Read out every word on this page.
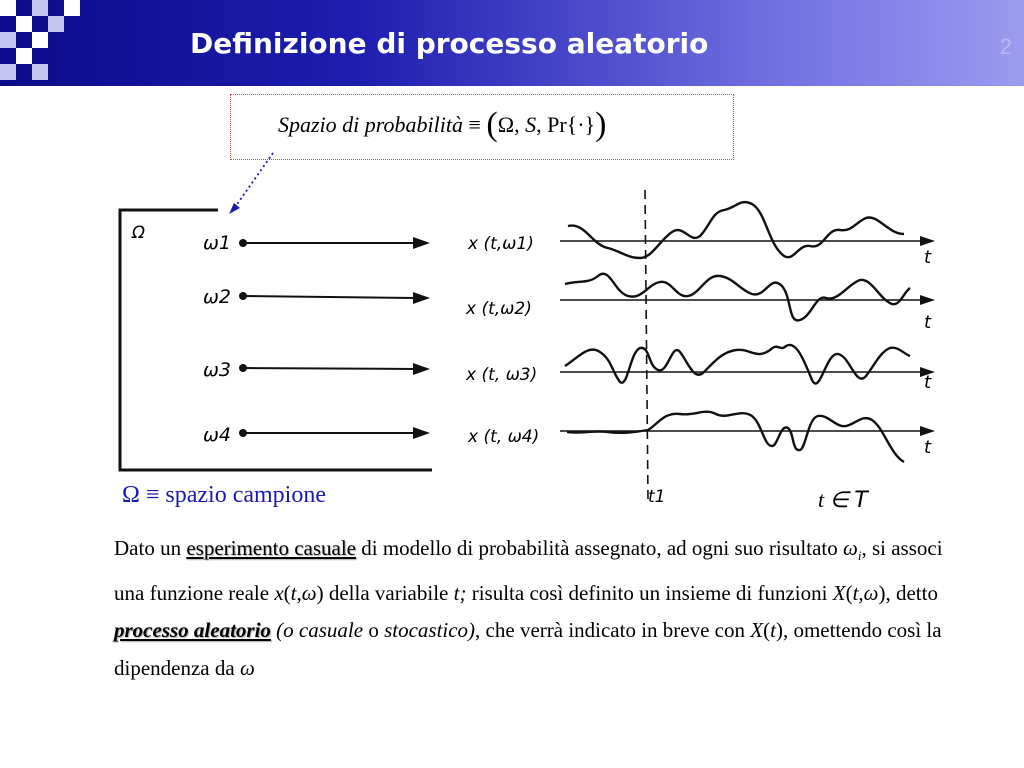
Definizione di processo aleatorio	2
Spazio di probabilità ≡ (Ω, S, Pr{·})
Ω	ω1
ω2
ω3
ω4
x (t,ω1)
x (t,ω2)
x (t, ω3)
x (t, ω4)
t
t
t
t
t1
Ω ≡ spazio campione	t ∈ T

Dato un esperimento casuale di modello di probabilità assegnato, ad ogni suo risultato $\omega_i$, si associ una funzione reale x(t,ω) della variabile t; risulta così definito un insieme di funzioni X(t,ω), detto processo aleatorio (o casuale o stocastico), che verrà indicato in breve con X(t), omettendo così la dipendenza da ω
